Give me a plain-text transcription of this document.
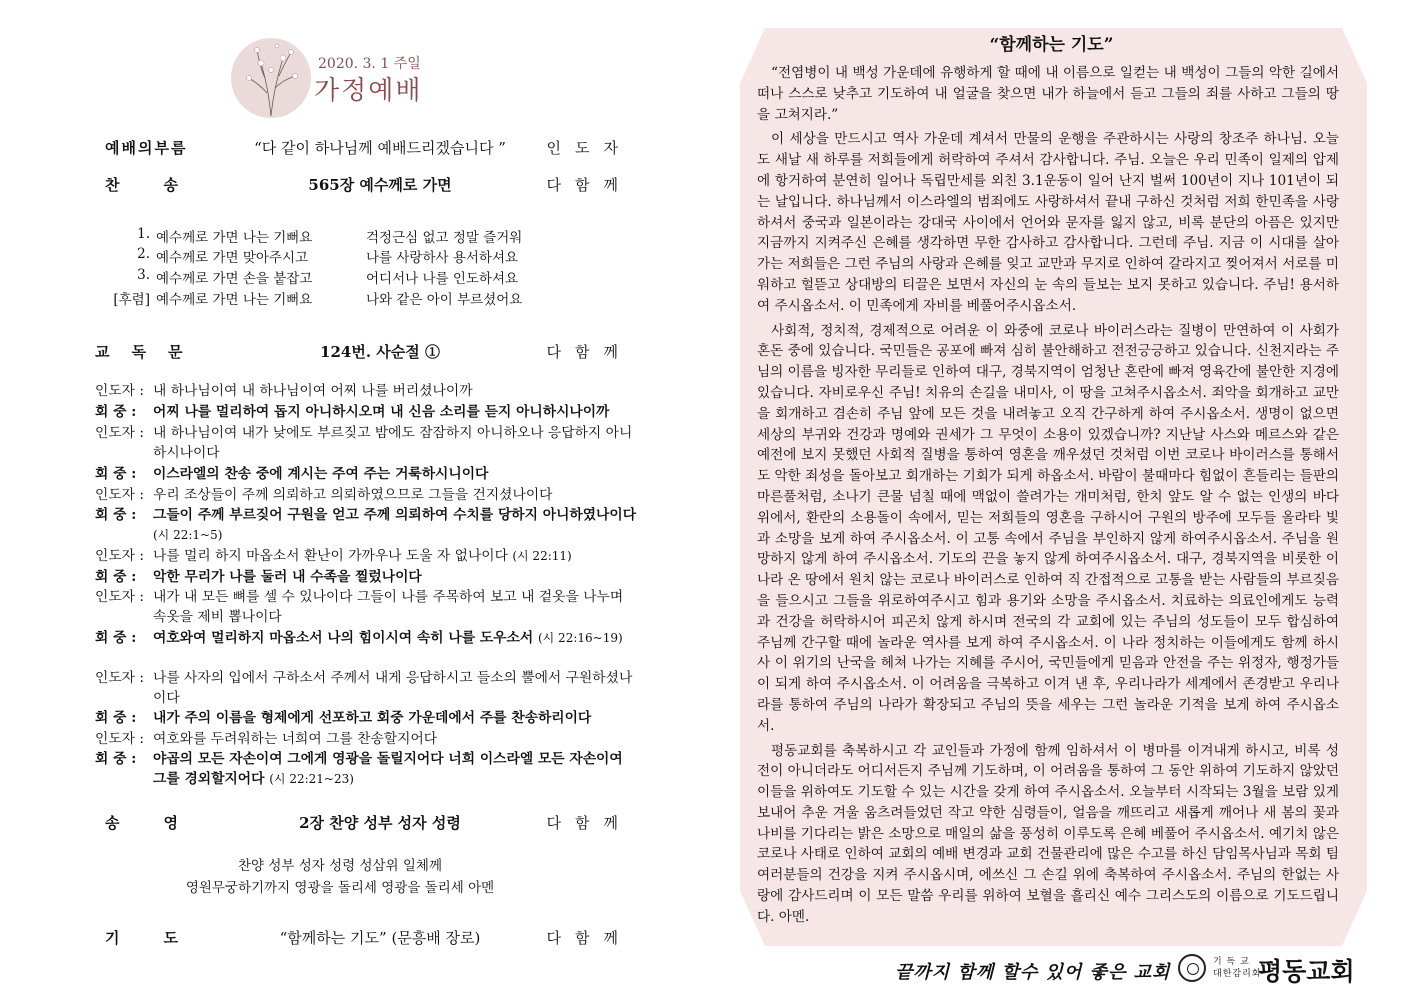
2020. 3. 1 주일
가정예배
예배의부름	“다 같이 하나님께 예배드리겠습니다 ”	인도자
찬송	565장 예수께로 가면	다함께
1. 예수께로 가면 나는 기뻐요	걱정근심 없고 정말 즐거워
2. 예수께로 가면 맞아주시고	나를 사랑하사 용서하셔요
3. 예수께로 가면 손을 붙잡고	어디서나 나를 인도하셔요
[후렴] 예수께로 가면 나는 기뻐요	나와 같은 아이 부르셨어요
교독문	124번. 사순절 ①	다함께
인도자 : 내 하나님이여 내 하나님이여 어찌 나를 버리셨나이까
회 중 : 어찌 나를 멀리하여 돕지 아니하시오며 내 신음 소리를 듣지 아니하시나이까
인도자 : 내 하나님이여 내가 낮에도 부르짖고 밤에도 잠잠하지 아니하오나 응답하지 아니하시나이다
회 중 : 이스라엘의 찬송 중에 계시는 주여 주는 거룩하시니이다
인도자 : 우리 조상들이 주께 의뢰하고 의뢰하였으므로 그들을 건지셨나이다
회 중 : 그들이 주께 부르짖어 구원을 얻고 주께 의뢰하여 수치를 당하지 아니하였나이다 (시 22:1~5)
인도자 : 나를 멀리 하지 마옵소서 환난이 가까우나 도울 자 없나이다 (시 22:11)
회 중 : 악한 무리가 나를 둘러 내 수족을 찔렀나이다
인도자 : 내가 내 모든 뼈를 셀 수 있나이다 그들이 나를 주목하여 보고 내 겉옷을 나누며 속옷을 제비 뽑나이다
회 중 : 여호와여 멀리하지 마옵소서 나의 힘이시여 속히 나를 도우소서 (시 22:16~19)
인도자 : 나를 사자의 입에서 구하소서 주께서 내게 응답하시고 들소의 뿔에서 구원하셨나이다
회 중 : 내가 주의 이름을 형제에게 선포하고 회중 가운데에서 주를 찬송하리이다
인도자 : 여호와를 두려워하는 너희여 그를 찬송할지어다
회 중 : 야곱의 모든 자손이여 그에게 영광을 돌릴지어다 너희 이스라엘 모든 자손이여 그를 경외할지어다 (시 22:21~23)
송영	2장 찬양 성부 성자 성령	다함께
찬양 성부 성자 성령 성삼위 일체께
영원무궁하기까지 영광을 돌리세 영광을 돌리세 아멘
기도	“함께하는 기도” (문흥배 장로)	다함께
“함께하는 기도”

“전염병이 내 백성 가운데에 유행하게 할 때에 내 이름으로 일컫는 내 백성이 그들의 악한 길에서 떠나 스스로 낮추고 기도하여 내 얼굴을 찾으면 내가 하늘에서 듣고 그들의 죄를 사하고 그들의 땅을 고쳐지라.”

이 세상을 만드시고 역사 가운데 계셔서 만물의 운행을 주관하시는 사랑의 창조주 하나님. 오늘도 새날 새 하루를 저희들에게 허락하여 주셔서 감사합니다. 주님. 오늘은 우리 민족이 일제의 압제에 항거하여 분연히 일어나 독립만세를 외친 3.1운동이 일어 난지 벌써 100년이 지나 101년이 되는 날입니다. 하나님께서 이스라엘의 범죄에도 사랑하셔서 끝내 구하신 것처럼 저희 한민족을 사랑하셔서 중국과 일본이라는 강대국 사이에서 언어와 문자를 잃지 않고, 비록 분단의 아픔은 있지만 지금까지 지켜주신 은혜를 생각하면 무한 감사하고 감사합니다. 그런데 주님. 지금 이 시대를 살아가는 저희들은 그런 주님의 사랑과 은혜를 잊고 교만과 무지로 인하여 갈라지고 찢어져서 서로를 미워하고 헐뜯고 상대방의 티끌은 보면서 자신의 눈 속의 들보는 보지 못하고 있습니다. 주님! 용서하여 주시옵소서. 이 민족에게 자비를 베풀어주시옵소서.

사회적, 정치적, 경제적으로 어려운 이 와중에 코로나 바이러스라는 질병이 만연하여 이 사회가 혼돈 중에 있습니다. 국민들은 공포에 빠져 심히 불안해하고 전전긍긍하고 있습니다. 신천지라는 주님의 이름을 빙자한 무리들로 인하여 대구, 경북지역이 엄청난 혼란에 빠져 영육간에 불안한 지경에 있습니다. 자비로우신 주님! 치유의 손길을 내미사, 이 땅을 고쳐주시옵소서. 죄악을 회개하고 교만을 회개하고 겸손히 주님 앞에 모든 것을 내려놓고 오직 간구하게 하여 주시옵소서. 생명이 없으면 세상의 부귀와 건강과 명예와 권세가 그 무엇이 소용이 있겠습니까? 지난날 사스와 메르스와 같은 예전에 보지 못했던 사회적 질병을 통하여 영혼을 깨우셨던 것처럼 이번 코로나 바이러스를 통해서도 악한 죄성을 돌아보고 회개하는 기회가 되게 하옵소서. 바람이 불때마다 힘없이 흔들리는 들판의 마른풀처럼, 소나기 큰물 넘칠 때에 맥없이 쓸려가는 개미처럼, 한치 앞도 알 수 없는 인생의 바다 위에서, 환란의 소용돌이 속에서, 믿는 저희들의 영혼을 구하시어 구원의 방주에 모두들 올라타 빛과 소망을 보게 하여 주시옵소서. 이 고통 속에서 주님을 부인하지 않게 하여주시옵소서. 주님을 원망하지 않게 하여 주시옵소서. 기도의 끈을 놓지 않게 하여주시옵소서. 대구, 경북지역을 비롯한 이 나라 온 땅에서 원치 않는 코로나 바이러스로 인하여 직 간접적으로 고통을 받는 사람들의 부르짖음을 들으시고 그들을 위로하여주시고 힘과 용기와 소망을 주시옵소서. 치료하는 의료인에게도 능력과 건강을 허락하시어 피곤치 않게 하시며 전국의 각 교회에 있는 주님의 성도들이 모두 합심하여 주님께 간구할 때에 놀라운 역사를 보게 하여 주시옵소서. 이 나라 정치하는 이들에게도 함께 하시 사 이 위기의 난국을 헤쳐 나가는 지혜를 주시어, 국민들에게 믿음과 안전을 주는 위정자, 행정가들이 되게 하여 주시옵소서. 이 어려움을 극복하고 이겨 낸 후, 우리나라가 세계에서 존경받고 우리나라를 통하여 주님의 나라가 확장되고 주님의 뜻을 세우는 그런 놀라운 기적을 보게 하여 주시옵소서.

평동교회를 축복하시고 각 교인들과 가정에 함께 임하셔서 이 병마를 이겨내게 하시고, 비록 성전이 아니더라도 어디서든지 주님께 기도하며, 이 어려움을 통하여 그 동안 위하여 기도하지 않았던 이들을 위하여도 기도할 수 있는 시간을 갖게 하여 주시옵소서. 오늘부터 시작되는 3월을 보람 있게 보내어 추운 겨울 움츠려들었던 작고 약한 심령들이, 얼음을 깨뜨리고 새롭게 깨어나 새 봄의 꽃과 나비를 기다리는 밝은 소망으로 매일의 삶을 풍성히 이루도록 은혜 베풀어 주시옵소서. 예기치 않은 코로나 사태로 인하여 교회의 예배 변경과 교회 건물관리에 많은 수고를 하신 담임목사님과 목회 팀 여러분들의 건강을 지켜 주시옵시며, 에쓰신 그 손길 위에 축복하여 주시옵소서. 주님의 한없는 사랑에 감사드리며 이 모든 말씀 우리를 위하여 보혈을 흘리신 예수 그리스도의 이름으로 기도드립니다. 아멘.

끝까지 함께 할수 있어 좋은 교회	기 독 교
대한감리회
평동교회
